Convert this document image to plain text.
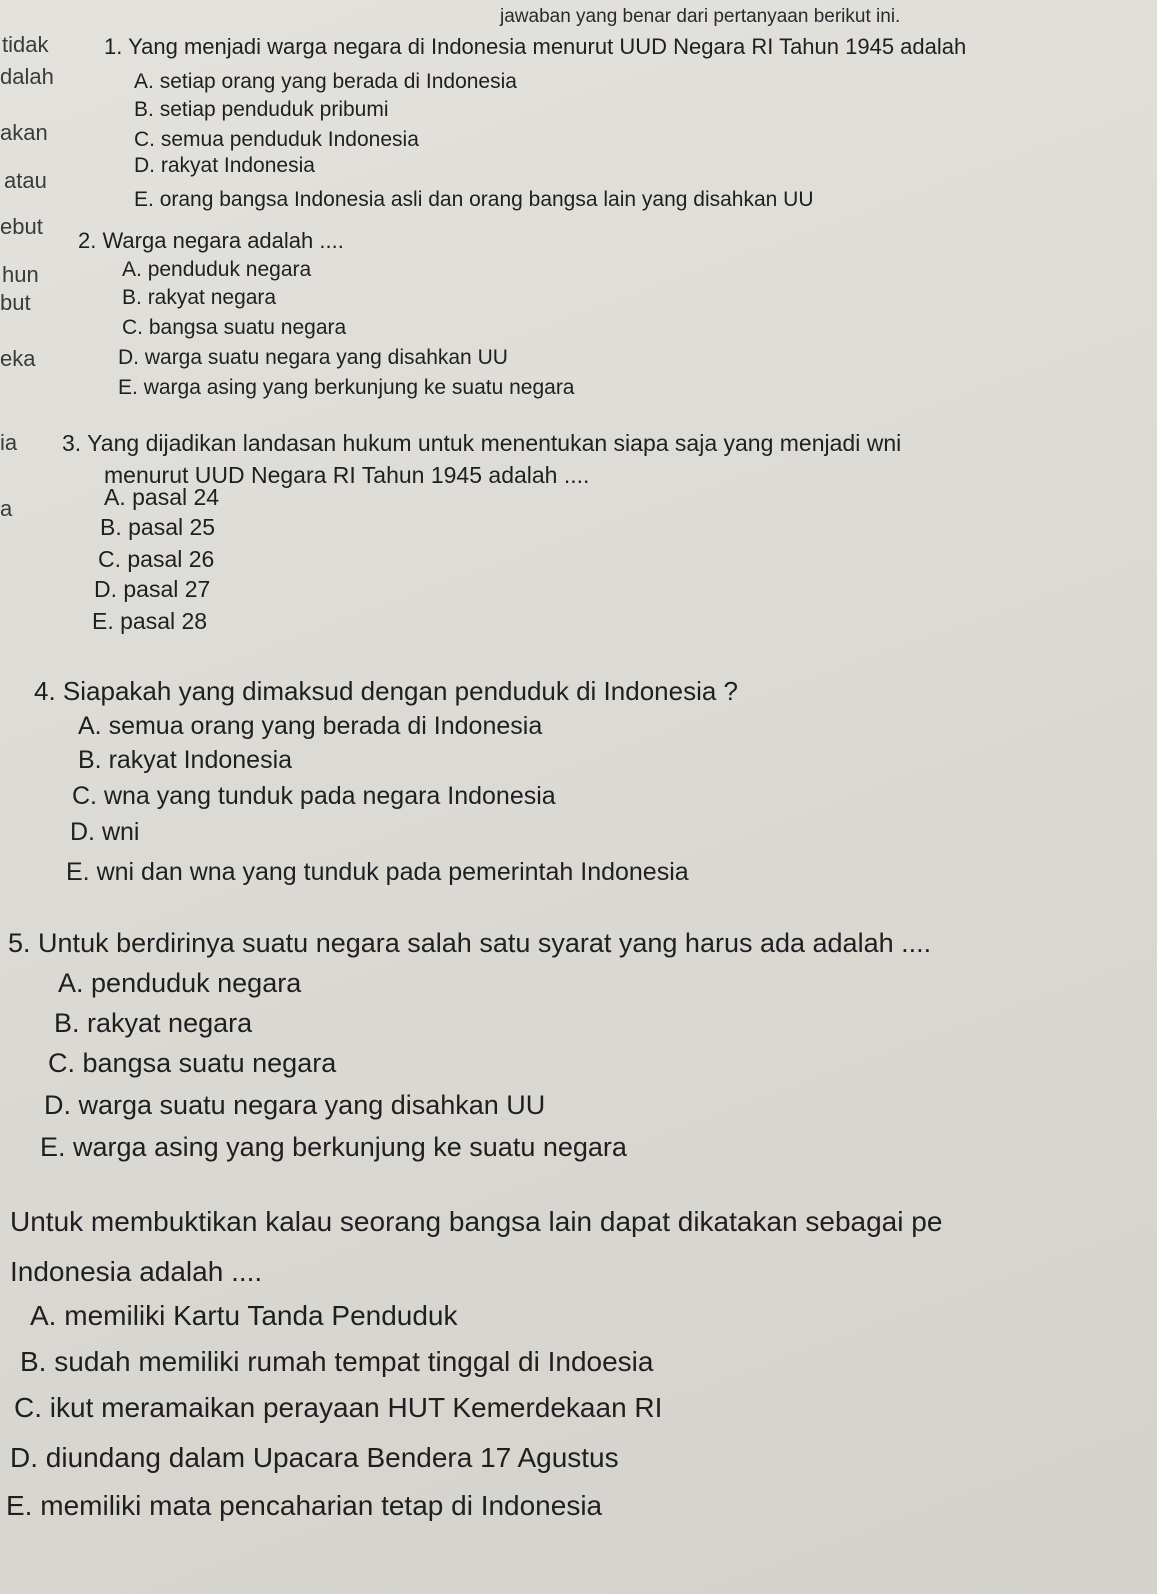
jawaban yang benar dari pertanyaan berikut ini.
tidak
dalah
akan
atau
ebut
hun
but
eka
ia
a
1. Yang menjadi warga negara di Indonesia menurut UUD Negara RI Tahun 1945 adalah
A. setiap orang yang berada di Indonesia
B. setiap penduduk pribumi
C. semua penduduk Indonesia
D. rakyat Indonesia
E. orang bangsa Indonesia asli dan orang bangsa lain yang disahkan UU
2. Warga negara adalah ....
A. penduduk negara
B. rakyat negara
C. bangsa suatu negara
D. warga suatu negara yang disahkan UU
E. warga asing yang berkunjung ke suatu negara
3. Yang dijadikan landasan hukum untuk menentukan siapa saja yang menjadi wni
menurut UUD Negara RI Tahun 1945 adalah ....
A. pasal 24
B. pasal 25
C. pasal 26
D. pasal 27
E. pasal 28
4. Siapakah yang dimaksud dengan penduduk di Indonesia ?
A. semua orang yang berada di Indonesia
B. rakyat Indonesia
C. wna yang tunduk pada negara Indonesia
D. wni
E. wni dan wna yang tunduk pada pemerintah Indonesia
5. Untuk berdirinya suatu negara salah satu syarat yang harus ada adalah ....
A. penduduk negara
B. rakyat negara
C. bangsa suatu negara
D. warga suatu negara yang disahkan UU
E. warga asing yang berkunjung ke suatu negara
Untuk membuktikan kalau seorang bangsa lain dapat dikatakan sebagai pe
Indonesia adalah ....
A. memiliki Kartu Tanda Penduduk
B. sudah memiliki rumah tempat tinggal di Indoesia
C. ikut meramaikan perayaan HUT Kemerdekaan RI
D. diundang dalam Upacara Bendera 17 Agustus
E. memiliki mata pencaharian tetap di Indonesia
